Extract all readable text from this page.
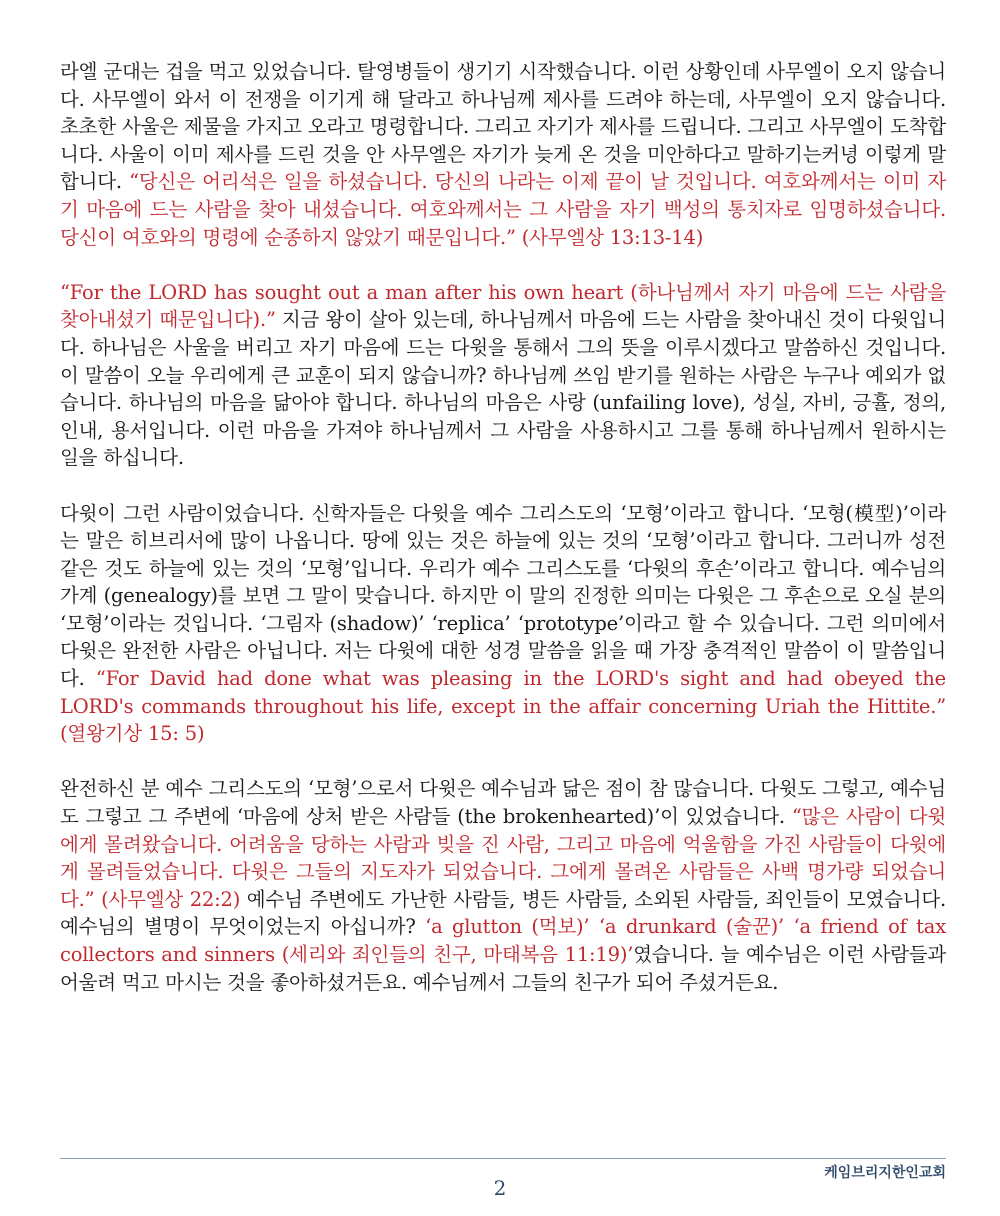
라엘 군대는 겁을 먹고 있었습니다. 탈영병들이 생기기 시작했습니다. 이런 상황인데 사무엘이 오지 않습니다. 사무엘이 와서 이 전쟁을 이기게 해 달라고 하나님께 제사를 드려야 하는데, 사무엘이 오지 않습니다. 초초한 사울은 제물을 가지고 오라고 명령합니다. 그리고 자기가 제사를 드립니다. 그리고 사무엘이 도착합니다. 사울이 이미 제사를 드린 것을 안 사무엘은 자기가 늦게 온 것을 미안하다고 말하기는커녕 이렇게 말합니다. “당신은 어리석은 일을 하셨습니다. 당신의 나라는 이제 끝이 날 것입니다. 여호와께서는 이미 자기 마음에 드는 사람을 찾아 내셨습니다. 여호와께서는 그 사람을 자기 백성의 통치자로 임명하셨습니다. 당신이 여호와의 명령에 순종하지 않았기 때문입니다.” (사무엘상 13:13-14)

“For the LORD has sought out a man after his own heart (하나님께서 자기 마음에 드는 사람을 찾아내셨기 때문입니다).” 지금 왕이 살아 있는데, 하나님께서 마음에 드는 사람을 찾아내신 것이 다윗입니다. 하나님은 사울을 버리고 자기 마음에 드는 다윗을 통해서 그의 뜻을 이루시겠다고 말씀하신 것입니다. 이 말씀이 오늘 우리에게 큰 교훈이 되지 않습니까? 하나님께 쓰임 받기를 원하는 사람은 누구나 예외가 없습니다. 하나님의 마음을 닮아야 합니다. 하나님의 마음은 사랑 (unfailing love), 성실, 자비, 긍휼, 정의, 인내, 용서입니다. 이런 마음을 가져야 하나님께서 그 사람을 사용하시고 그를 통해 하나님께서 원하시는 일을 하십니다.

다윗이 그런 사람이었습니다. 신학자들은 다윗을 예수 그리스도의 ‘모형’이라고 합니다. ‘모형(模型)’이라는 말은 히브리서에 많이 나옵니다. 땅에 있는 것은 하늘에 있는 것의 ‘모형’이라고 합니다. 그러니까 성전 같은 것도 하늘에 있는 것의 ‘모형’입니다. 우리가 예수 그리스도를 ‘다윗의 후손’이라고 합니다. 예수님의 가계 (genealogy)를 보면 그 말이 맞습니다. 하지만 이 말의 진정한 의미는 다윗은 그 후손으로 오실 분의 ‘모형’이라는 것입니다. ‘그림자 (shadow)’ ‘replica’ ‘prototype’이라고 할 수 있습니다. 그런 의미에서 다윗은 완전한 사람은 아닙니다. 저는 다윗에 대한 성경 말씀을 읽을 때 가장 충격적인 말씀이 이 말씀입니다. “For David had done what was pleasing in the LORD's sight and had obeyed the LORD's commands throughout his life, except in the affair concerning Uriah the Hittite.” (열왕기상 15: 5)

완전하신 분 예수 그리스도의 ‘모형’으로서 다윗은 예수님과 닮은 점이 참 많습니다. 다윗도 그렇고, 예수님도 그렇고 그 주변에 ‘마음에 상처 받은 사람들 (the brokenhearted)’이 있었습니다. “많은 사람이 다윗에게 몰려왔습니다. 어려움을 당하는 사람과 빚을 진 사람, 그리고 마음에 억울함을 가진 사람들이 다윗에게 몰려들었습니다. 다윗은 그들의 지도자가 되었습니다. 그에게 몰려온 사람들은 사백 명가량 되었습니다.” (사무엘상 22:2) 예수님 주변에도 가난한 사람들, 병든 사람들, 소외된 사람들, 죄인들이 모였습니다. 예수님의 별명이 무엇이었는지 아십니까? ‘a glutton (먹보)’ ‘a drunkard (술꾼)’ ‘a friend of tax collectors and sinners (세리와 죄인들의 친구, 마태복음 11:19)’였습니다. 늘 예수님은 이런 사람들과 어울려 먹고 마시는 것을 좋아하셨거든요. 예수님께서 그들의 친구가 되어 주셨거든요.

케임브리지한인교회
2
